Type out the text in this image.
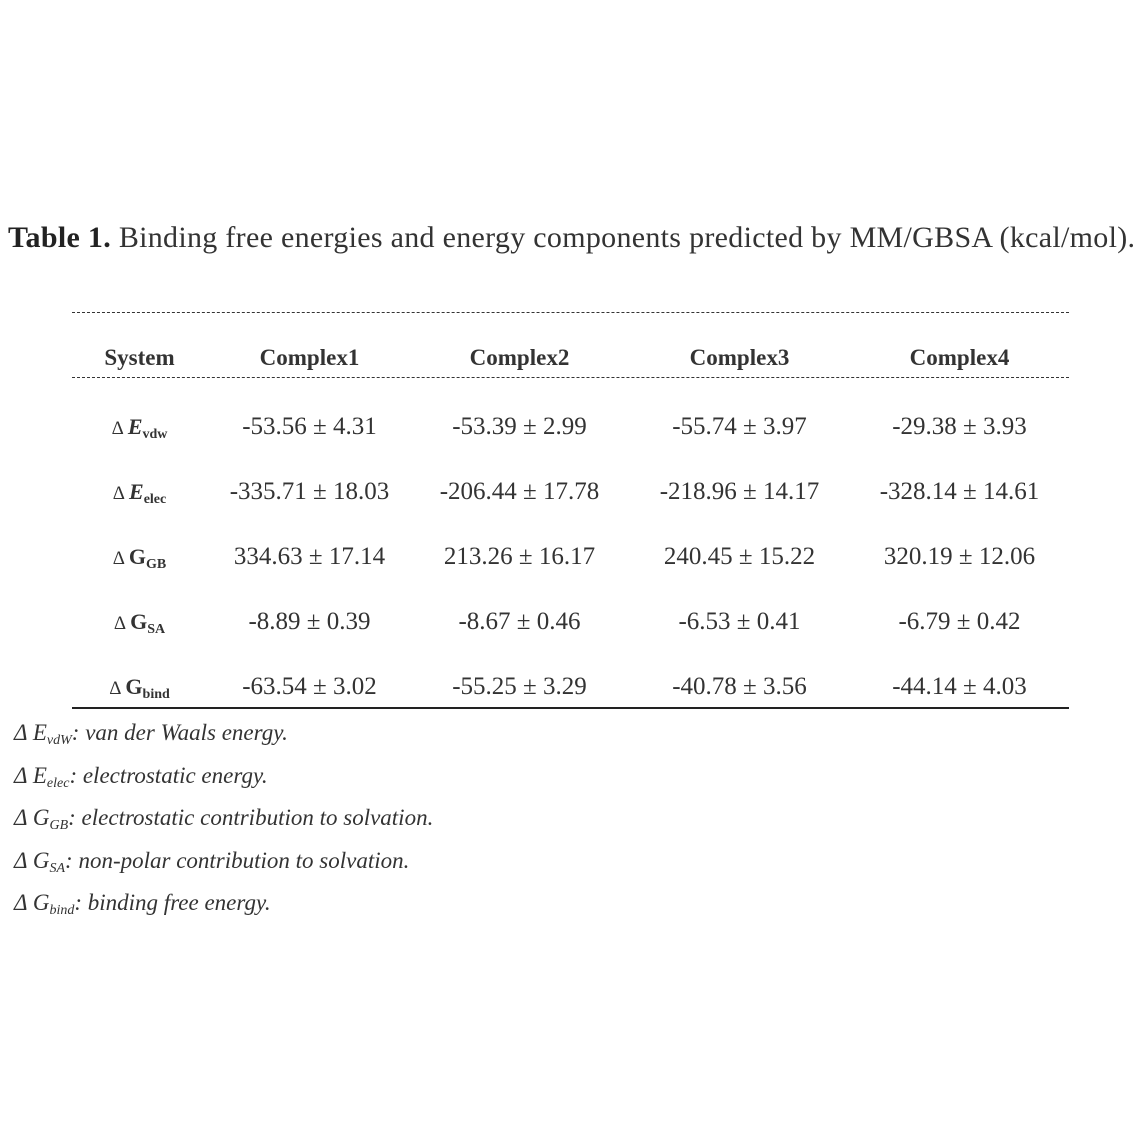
Table 1. Binding free energies and energy components predicted by MM/GBSA (kcal/mol).
System	Complex1	Complex2	Complex3	Complex4
Δ $E_{vdw}$	-53.56 ± 4.31	-53.39 ± 2.99	-55.74 ± 3.97	-29.38 ± 3.93
Δ $E_{elec}$	-335.71 ± 18.03	-206.44 ± 17.78	-218.96 ± 14.17	-328.14 ± 14.61
Δ $G_{GB}$	334.63 ± 17.14	213.26 ± 16.17	240.45 ± 15.22	320.19 ± 12.06
Δ $G_{SA}$	-8.89 ± 0.39	-8.67 ± 0.46	-6.53 ± 0.41	-6.79 ± 0.42
Δ $G_{bind}$	-63.54 ± 3.02	-55.25 ± 3.29	-40.78 ± 3.56	-44.14 ± 4.03
Δ EvdW: van der Waals energy.
Δ Eelec: electrostatic energy.
Δ GGB: electrostatic contribution to solvation.
Δ GSA: non-polar contribution to solvation.
Δ Gbind: binding free energy.
